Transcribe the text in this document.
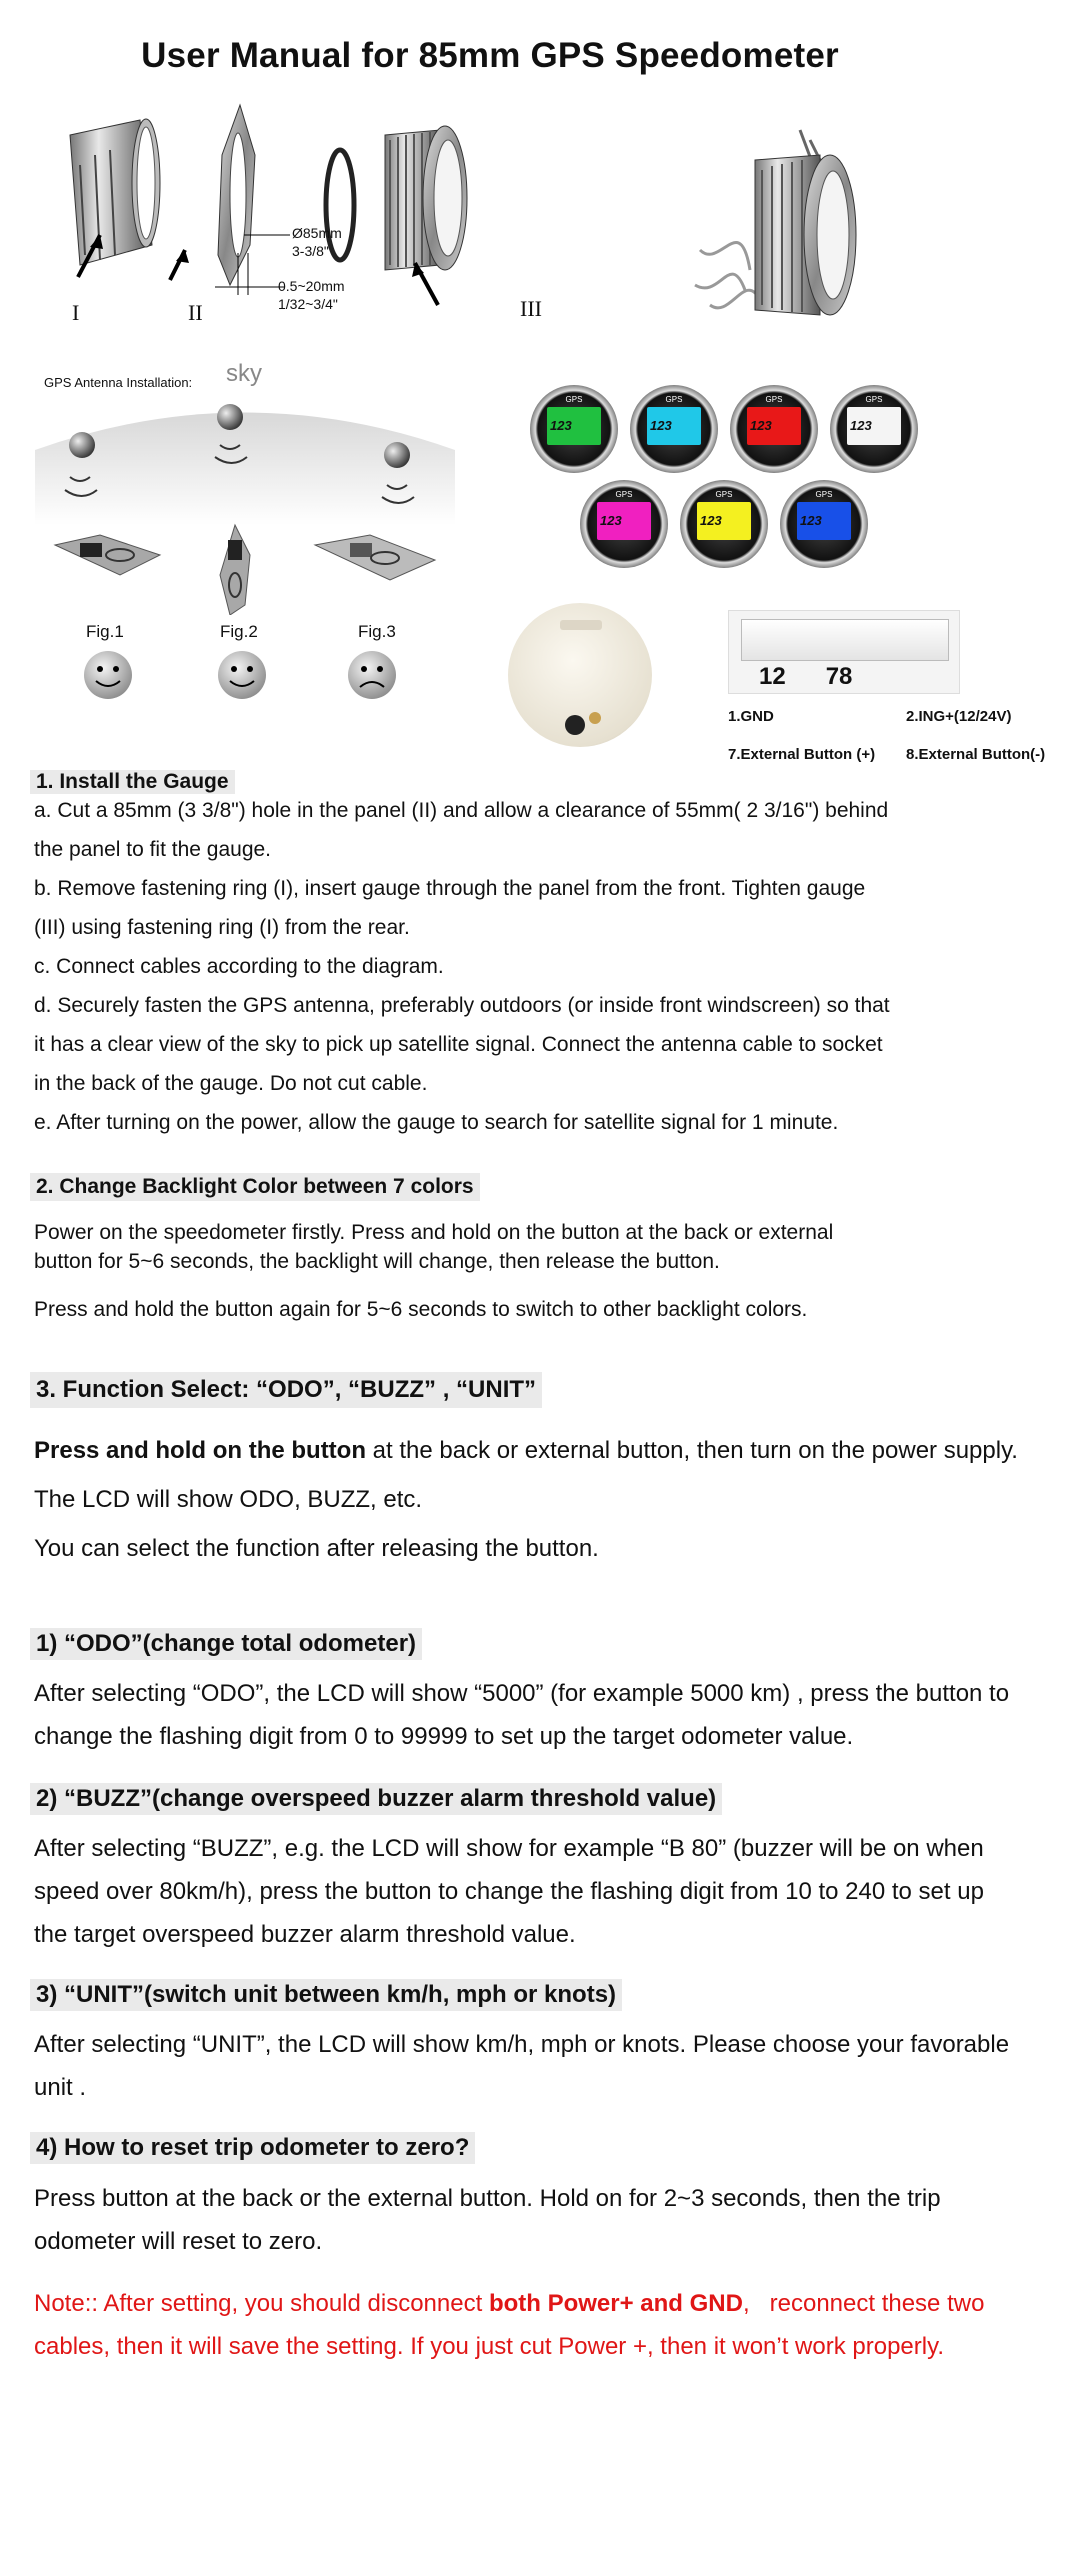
User Manual for 85mm GPS Speedometer
I	II	III
Ø85mm
3-3/8"
0.5~20mm
1/32~3/4"
GPS Antenna Installation: sky
Fig.1	Fig.2	Fig.3
GPS
123
GPS
123
GPS
123
GPS
123
GPS
123
GPS
123
GPS
123
12      78
1.GND	2.ING+(12/24V)
7.External Button (+) 8.External Button(-)
1. Install the Gauge
a. Cut a 85mm (3 3/8") hole in the panel (II) and allow a clearance of 55mm( 2 3/16") behind
the panel to fit the gauge.
b. Remove fastening ring (I), insert gauge through the panel from the front. Tighten gauge
(III) using fastening ring (I) from the rear.
c. Connect cables according to the diagram.
d. Securely fasten the GPS antenna, preferably outdoors (or inside front windscreen) so that
it has a clear view of the sky to pick up satellite signal. Connect the antenna cable to socket
in the back of the gauge. Do not cut cable.
e. After turning on the power, allow the gauge to search for satellite signal for 1 minute.
2. Change Backlight Color between 7 colors
Power on the speedometer firstly. Press and hold on the button at the back or external
button for 5~6 seconds, the backlight will change, then release the button.
Press and hold the button again for 5~6 seconds to switch to other backlight colors.
3. Function Select: “ODO”, “BUZZ” , “UNIT”
Press and hold on the button at the back or external button, then turn on the power supply.
The LCD will show ODO, BUZZ, etc.
You can select the function after releasing the button.
1) “ODO”(change total odometer)
After selecting “ODO”, the LCD will show “5000” (for example 5000 km) , press the button to
change the flashing digit from 0 to 99999 to set up the target odometer value.
2) “BUZZ”(change overspeed buzzer alarm threshold value)
After selecting “BUZZ”, e.g. the LCD will show for example “B 80” (buzzer will be on when
speed over 80km/h), press the button to change the flashing digit from 10 to 240 to set up
the target overspeed buzzer alarm threshold value.
3) “UNIT”(switch unit between km/h, mph or knots)
After selecting “UNIT”, the LCD will show km/h, mph or knots. Please choose your favorable
unit .
4) How to reset trip odometer to zero?
Press button at the back or the external button. Hold on for 2~3 seconds, then the trip
odometer will reset to zero.
Note:: After setting, you should disconnect both Power+ and GND,   reconnect these two
cables, then it will save the setting. If you just cut Power +, then it won’t work properly.
